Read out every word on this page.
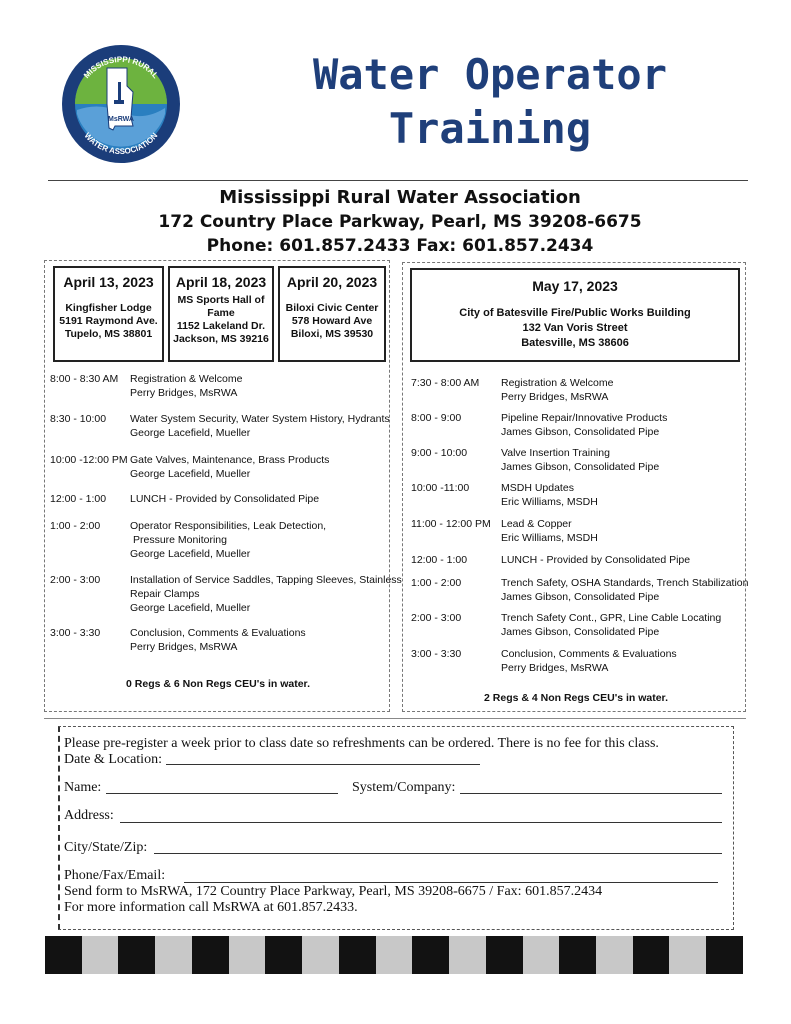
MsRWA
MISSISSIPPI RURAL
WATER ASSOCIATION
Water Operator
Training
Mississippi Rural Water Association
172 Country Place Parkway, Pearl, MS 39208-6675
Phone: 601.857.2433 Fax: 601.857.2434
April 13, 2023
Kingfisher Lodge
5191 Raymond Ave.
Tupelo, MS 38801
April 18, 2023
MS Sports Hall of
Fame
1152 Lakeland Dr.
Jackson, MS 39216
April 20, 2023
Biloxi Civic Center
578 Howard Ave
Biloxi, MS 39530
8:00 - 8:30 AM Registration & Welcome
Perry Bridges, MsRWA
8:30 - 10:00 Water System Security, Water System History, Hydrants
George Lacefield, Mueller
10:00 -12:00 PM Gate Valves, Maintenance, Brass Products
George Lacefield, Mueller
12:00 - 1:00 LUNCH - Provided by Consolidated Pipe
1:00 - 2:00	Operator Responsibilities, Leak Detection,
Pressure Monitoring
George Lacefield, Mueller
2:00 - 3:00	Installation of Service Saddles, Tapping Sleeves, Stainless
Repair Clamps
George Lacefield, Mueller
3:00 - 3:30	Conclusion, Comments & Evaluations
Perry Bridges, MsRWA
0 Regs & 6 Non Regs CEU's in water.
May 17, 2023
City of Batesville Fire/Public Works Building
132 Van Voris Street
Batesville, MS 38606
7:30 - 8:00 AM Registration & Welcome
Perry Bridges, MsRWA
8:00 - 9:00	Pipeline Repair/Innovative Products
James Gibson, Consolidated Pipe
9:00 - 10:00	Valve Insertion Training
James Gibson, Consolidated Pipe
10:00 -11:00	MSDH Updates
Eric Williams, MSDH
11:00 - 12:00 PM Lead & Copper
Eric Williams, MSDH
12:00 - 1:00	LUNCH - Provided by Consolidated Pipe
1:00 - 2:00	Trench Safety, OSHA Standards, Trench Stabilization
James Gibson, Consolidated Pipe
2:00 - 3:00	Trench Safety Cont., GPR, Line Cable Locating
James Gibson, Consolidated Pipe
3:00 - 3:30	Conclusion, Comments & Evaluations
Perry Bridges, MsRWA
2 Regs & 4 Non Regs CEU's in water.
Please pre-register a week prior to class date so refreshments can be ordered. There is no fee for this class.
Date & Location:
Name:	System/Company:
Address:
City/State/Zip:
Phone/Fax/Email:
Send form to MsRWA, 172 Country Place Parkway, Pearl, MS 39208-6675 / Fax: 601.857.2434
For more information call MsRWA at 601.857.2433.
